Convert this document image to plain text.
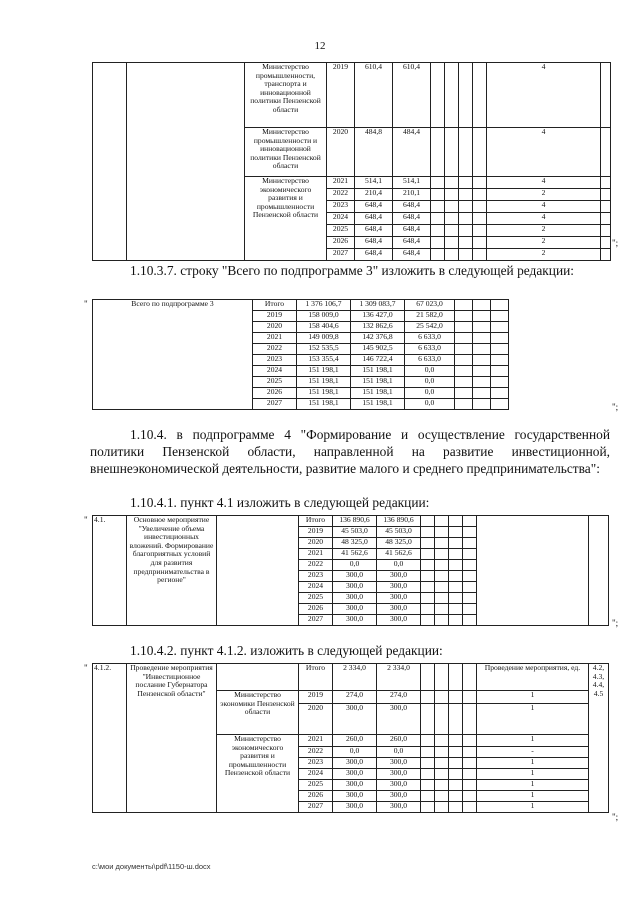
12
		Министерство промышленности, транспорта и инновационной политики Пензенской области	2019	610,4	610,4					4	
		Министерство промышленности и инновационной политики Пензенской области	2020	484,8	484,4					4	
		Министерство экономического развития и промышленности Пензенской области	2021	514,1	514,1					4	
			2022	210,4	210,1					2	
			2023	648,4	648,4					4	
			2024	648,4	648,4					4	
			2025	648,4	648,4					2	
			2026	648,4	648,4					2	
			2027	648,4	648,4					2	
";
1.10.3.7. строку "Всего по подпрограмме 3" изложить в следующей редакции:
"	Всего по подпрограмме 3	Итого	1 376 106,7	1 309 083,7	67 023,0			
	2019	158 009,0	136 427,0	21 582,0			
	2020	158 404,6	132 862,6	25 542,0			
	2021	149 009,8	142 376,8	6 633,0			
	2022	152 535,5	145 902,5	6 633,0			
	2023	153 355,4	146 722,4	6 633,0			
	2024	151 198,1	151 198,1	0,0			
	2025	151 198,1	151 198,1	0,0			
	2026	151 198,1	151 198,1	0,0			
	2027	151 198,1	151 198,1	0,0				";
1.10.4. в подпрограмме 4 "Формирование и осуществление государственной политики Пензенской области, направленной на развитие инвестиционной, внешнеэкономической деятельности, развитие малого и среднего предпринимательства":
1.10.4.1. пункт 4.1 изложить в следующей редакции:
" 4.1.	Основное мероприятие "Увеличение объема инвестиционных вложений. Формирование благоприятных условий для развития предпринимательства в регионе"		Итого	136 890,6	136 890,6						
			2019	45 503,0	45 503,0						
			2020	48 325,0	48 325,0						
			2021	41 562,6	41 562,6						
			2022	0,0	0,0						
			2023	300,0	300,0						
			2024	300,0	300,0						
			2025	300,0	300,0						
			2026	300,0	300,0						
			2027	300,0	300,0							";
1.10.4.2. пункт 4.1.2. изложить в следующей редакции:
" 4.1.2.	Проведение мероприятия "Инвестиционное послание Губернатора Пензенской области"		Итого	2 334,0	2 334,0					Проведение мероприятия, ед.	4.2, 4.3, 4.4, 4.5
		Министерство экономики Пензенской области	2019	274,0	274,0					1	
			2020	300,0	300,0					1	
		Министерство экономического развития и промышленности Пензенской области	2021	260,0	260,0					1	
			2022	0,0	0,0					-	
			2023	300,0	300,0					1	
			2024	300,0	300,0					1	
			2025	300,0	300,0					1	
			2026	300,0	300,0					1	
			2027	300,0	300,0					1	
";
с:\мои документы\pdf\1150-ш.docx
